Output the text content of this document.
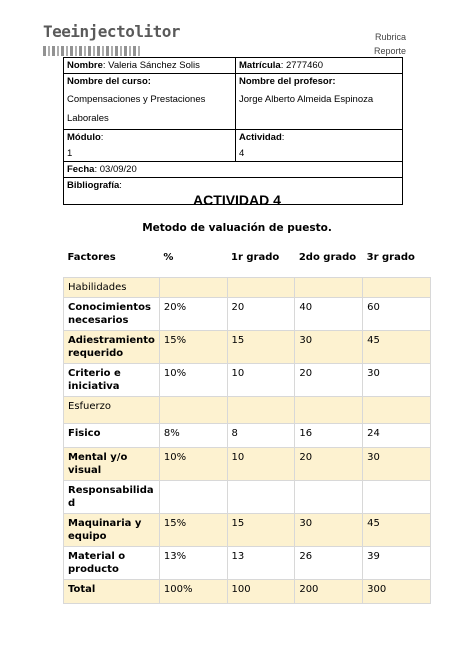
Teeinjectolitor	Rubrica
Reporte
Nombre: Valeria Sánchez Solis	Matrícula: 2777460
Nombre del curso:
Compensaciones y Prestaciones Laborales	Nombre del profesor:
Jorge Alberto Almeida Espinoza

Módulo:
1	Actividad:
4

Fecha: 03/09/20	
Bibliografía:	
ACTIVIDAD 4
Metodo de valuación de puesto.
Factores	%	1r grado	2do grado	3r grado
Habilidades				
Conocimientos necesarios	20%	20	40	60
Adiestramiento requerido	15%	15	30	45
Criterio e iniciativa	10%	10	20	30
Esfuerzo				
Fisico	8%	8	16	24
Mental y/o visual	10%	10	20	30
Responsabilidad				
Maquinaria y equipo	15%	15	30	45
Material o producto	13%	13	26	39
Total	100%	100	200	300
